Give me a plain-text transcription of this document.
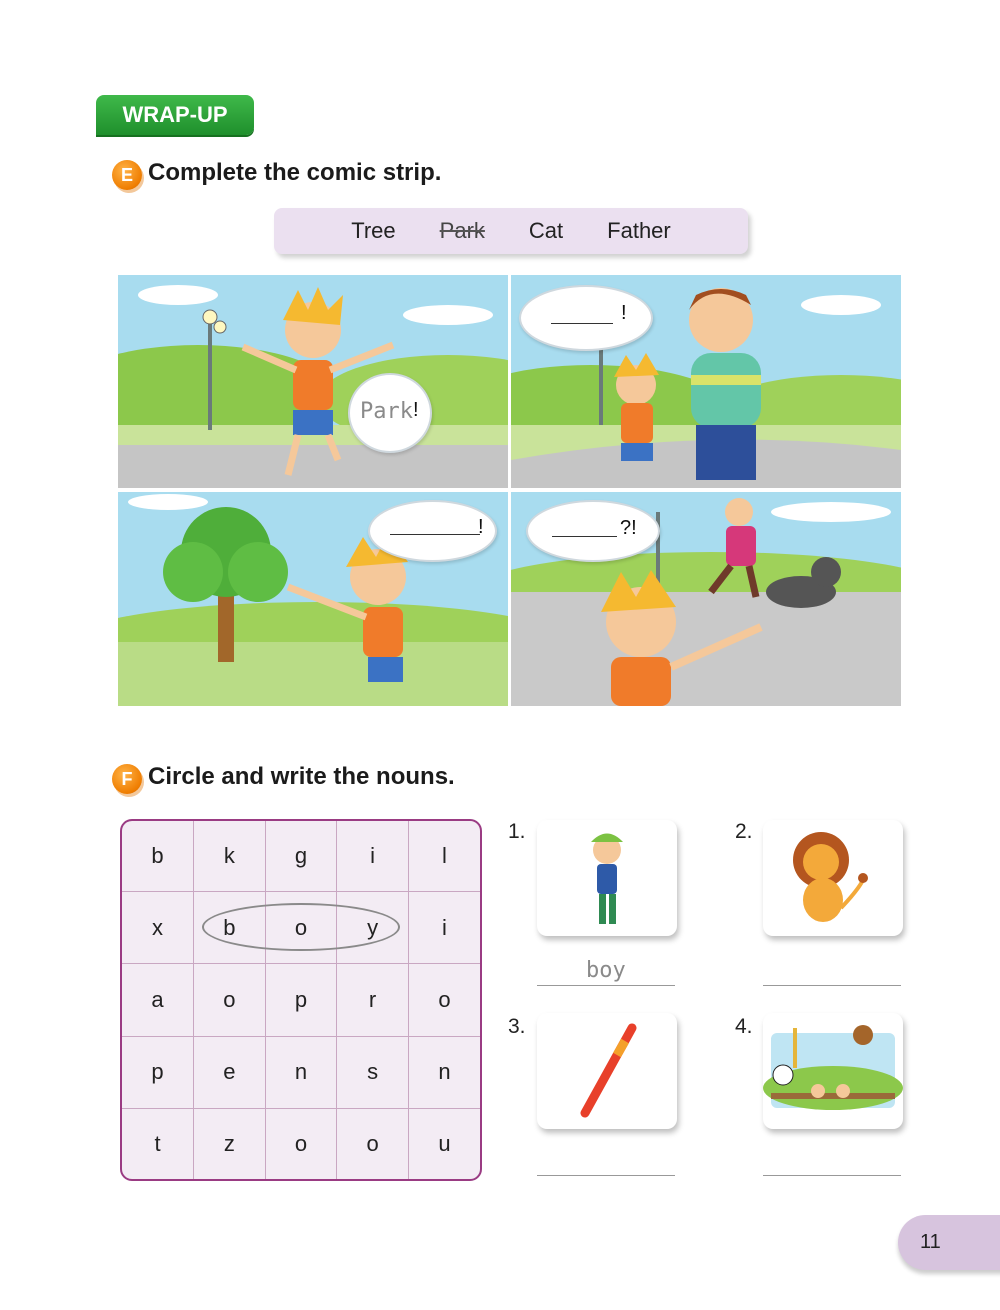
WRAP-UP
E Complete the comic strip.
Tree Park Cat Father
Park !
!
!	?!
F Circle and write the nouns.
b	k	g	i	l
x	b	o	y	i
a	o	p	r	o
p	e	n	s	n
t	z	o	o	u
1.
boy
2.
3.	4.
11
